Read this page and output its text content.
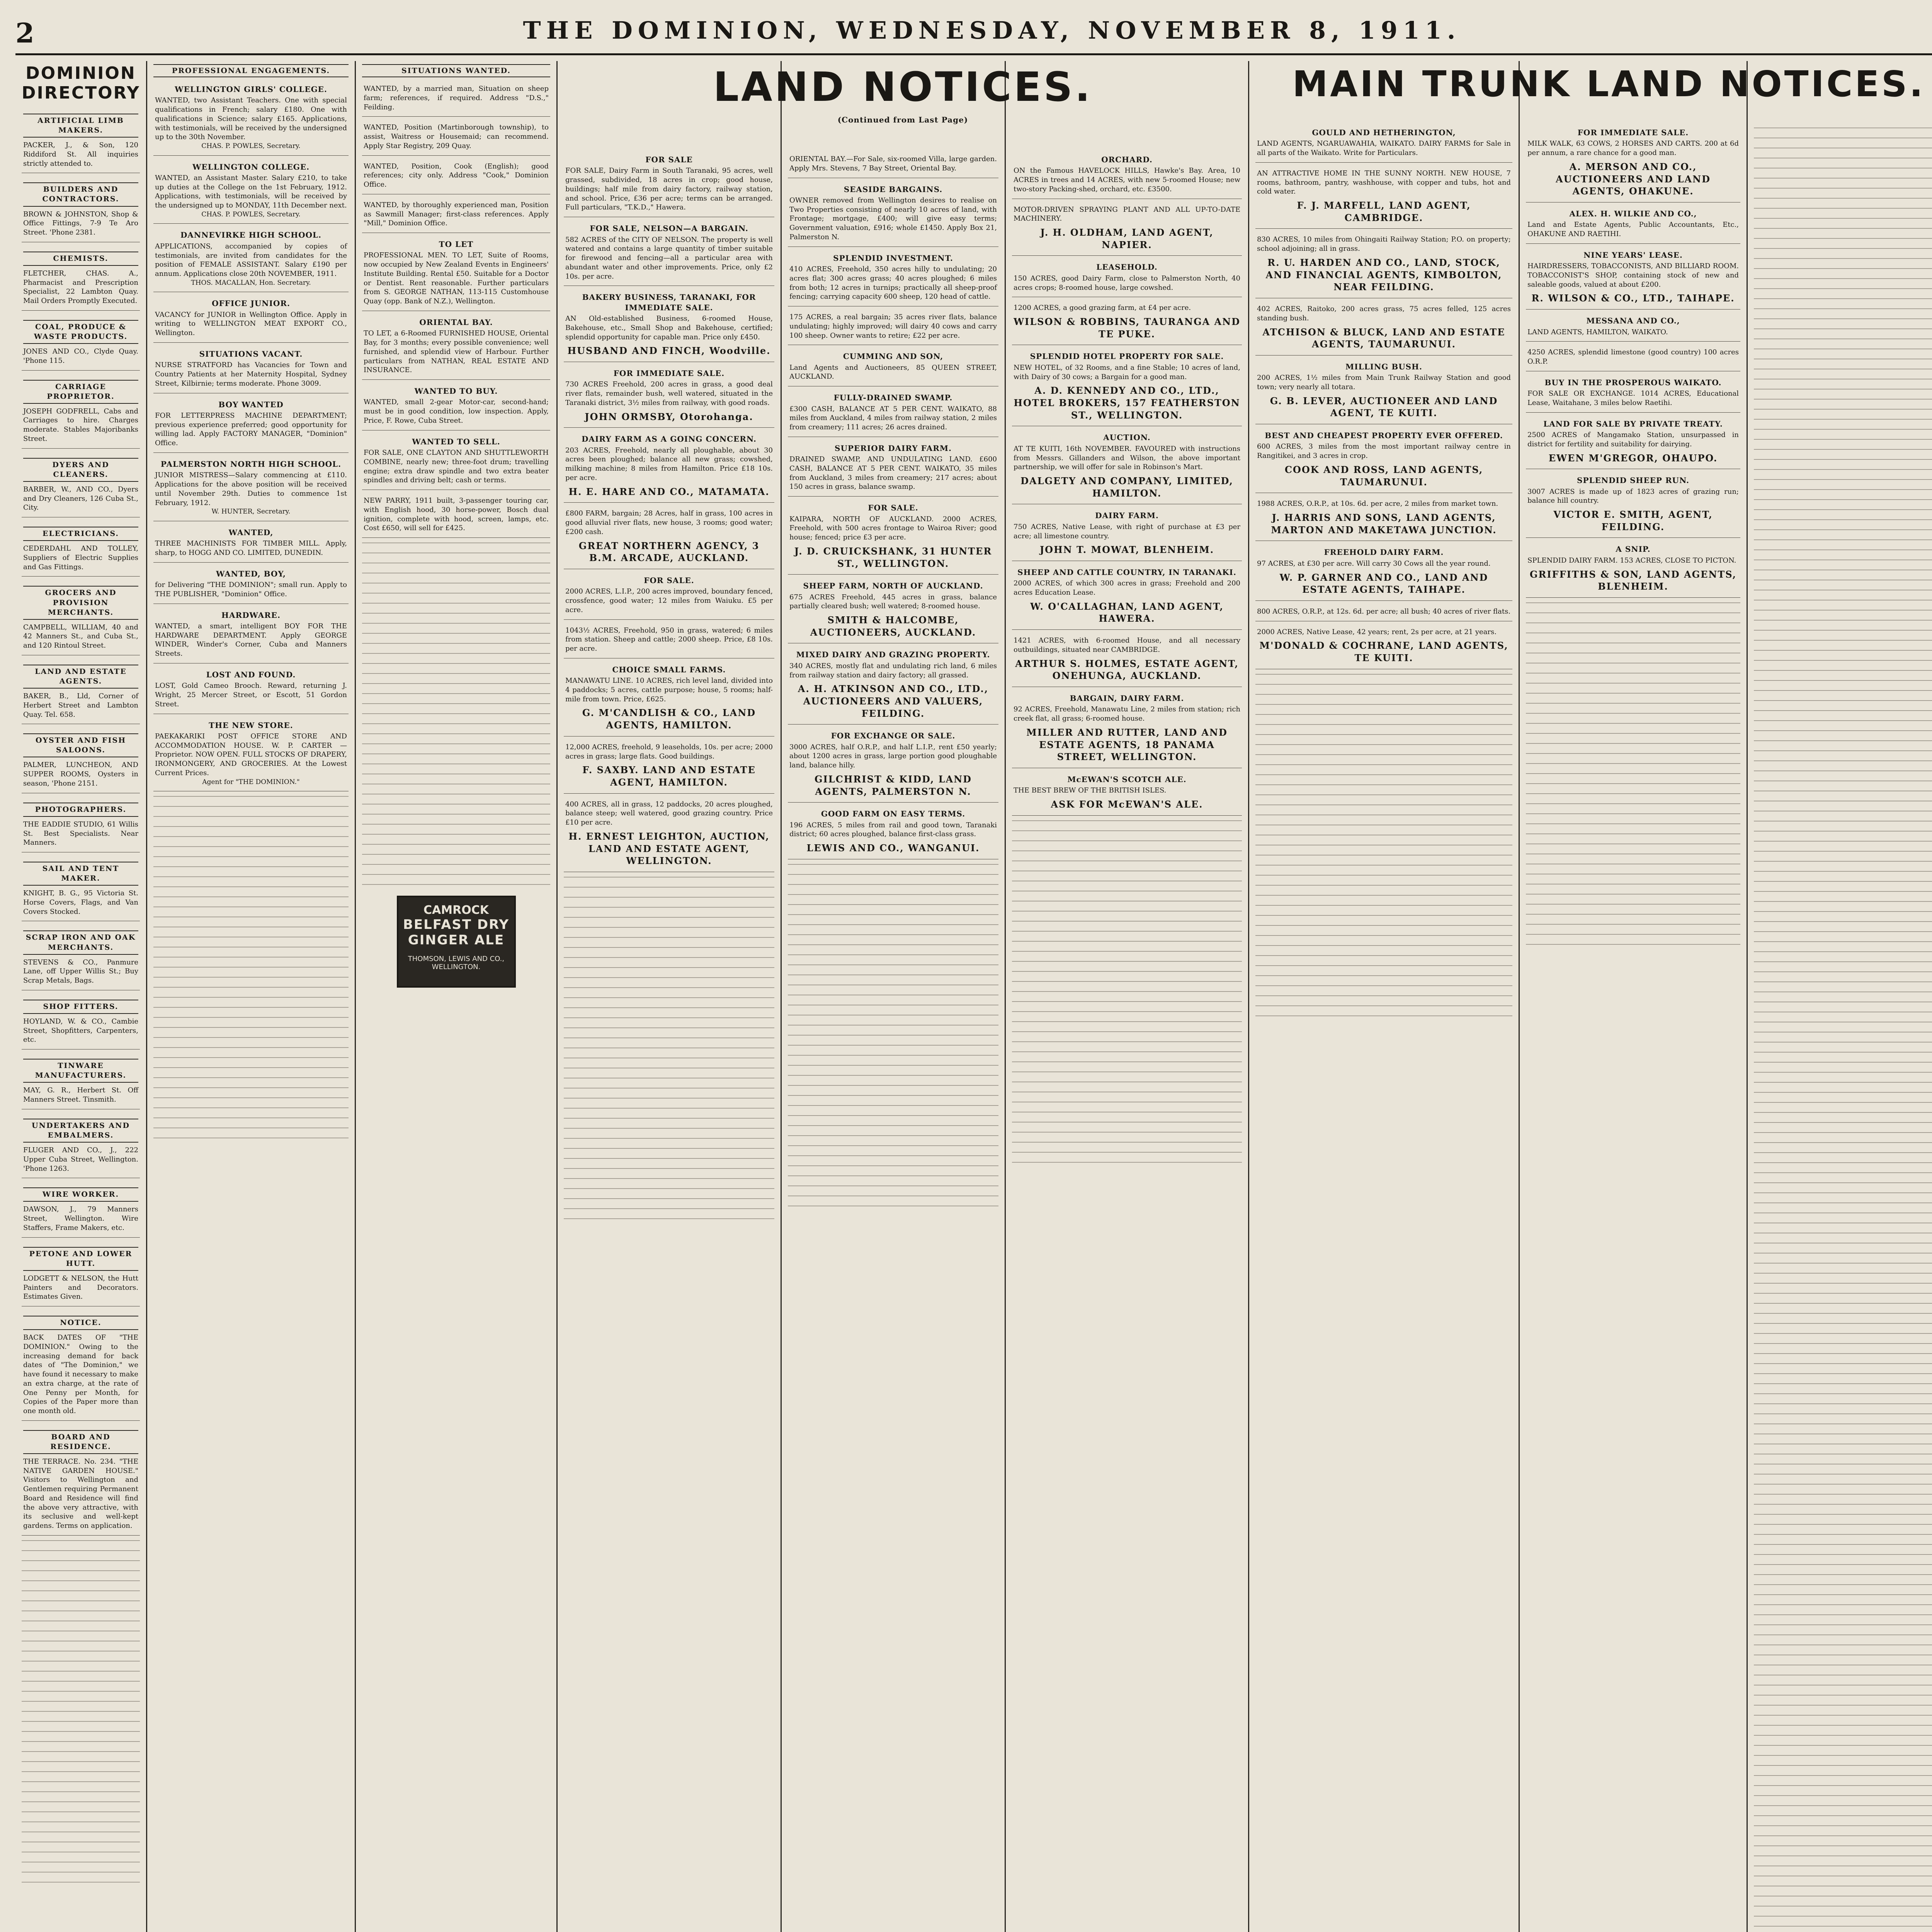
2	THE DOMINION, WEDNESDAY, NOVEMBER 8, 1911.
DOMINION DIRECTORY
ARTIFICIAL LIMB MAKERS.
PACKER, J., & Son, 120 Riddiford St. All inquiries strictly attended to.
BUILDERS AND CONTRACTORS.
BROWN & JOHNSTON, Shop & Office Fittings, 7-9 Te Aro Street. 'Phone 2381.
CHEMISTS.
FLETCHER, CHAS. A., Pharmacist and Prescription Specialist, 22 Lambton Quay. Mail Orders Promptly Executed.
COAL, PRODUCE & WASTE PRODUCTS.
JONES AND CO., Clyde Quay. 'Phone 115.
CARRIAGE PROPRIETOR.
JOSEPH GODFRELL, Cabs and Carriages to hire. Charges moderate. Stables Majoribanks Street.
DYERS AND CLEANERS.
BARBER, W., AND CO., Dyers and Dry Cleaners, 126 Cuba St., City.
ELECTRICIANS.
CEDERDAHL AND TOLLEY, Suppliers of Electric Supplies and Gas Fittings.
GROCERS AND PROVISION MERCHANTS.
CAMPBELL, WILLIAM, 40 and 42 Manners St., and Cuba St., and 120 Rintoul Street.
LAND AND ESTATE AGENTS.
BAKER, B., Lld, Corner of Herbert Street and Lambton Quay. Tel. 658.
OYSTER AND FISH SALOONS.
PALMER, LUNCHEON, AND SUPPER ROOMS, Oysters in season, 'Phone 2151.
PHOTOGRAPHERS.
THE EADDIE STUDIO, 61 Willis St. Best Specialists. Near Manners.
SAIL AND TENT MAKER.
KNIGHT, B. G., 95 Victoria St. Horse Covers, Flags, and Van Covers Stocked.
SCRAP IRON AND OAK MERCHANTS.
STEVENS & CO., Panmure Lane, off Upper Willis St.; Buy Scrap Metals, Bags.
SHOP FITTERS.
HOYLAND, W. & CO., Cambie Street, Shopfitters, Carpenters, etc.
TINWARE MANUFACTURERS.
MAY, G. R., Herbert St. Off Manners Street. Tinsmith.
UNDERTAKERS AND EMBALMERS.
FLUGER AND CO., J., 222 Upper Cuba Street, Wellington. 'Phone 1263.
WIRE WORKER.
DAWSON, J., 79 Manners Street, Wellington. Wire Staffers, Frame Makers, etc.
PETONE AND LOWER HUTT.
LODGETT & NELSON, the Hutt Painters and Decorators. Estimates Given.
NOTICE.
BACK DATES OF "THE DOMINION." Owing to the increasing demand for back dates of "The Dominion," we have found it necessary to make an extra charge, at the rate of One Penny per Month, for Copies of the Paper more than one month old.
BOARD AND RESIDENCE.
THE TERRACE. No. 234. "THE NATIVE GARDEN HOUSE." Visitors to Wellington and Gentlemen requiring Permanent Board and Residence will find the above very attractive, with its seclusive and well-kept gardens. Terms on application.
PROFESSIONAL ENGAGEMENTS.
WELLINGTON GIRLS' COLLEGE.
WANTED, two Assistant Teachers. One with special qualifications in French; salary £180. One with qualifications in Science; salary £165. Applications, with testimonials, will be received by the undersigned up to the 30th November.
CHAS. P. POWLES, Secretary.
WELLINGTON COLLEGE.
WANTED, an Assistant Master. Salary £210, to take up duties at the College on the 1st February, 1912. Applications, with testimonials, will be received by the undersigned up to MONDAY, 11th December next.
CHAS. P. POWLES, Secretary.
DANNEVIRKE HIGH SCHOOL.
APPLICATIONS, accompanied by copies of testimonials, are invited from candidates for the position of FEMALE ASSISTANT. Salary £190 per annum. Applications close 20th NOVEMBER, 1911.
THOS. MACALLAN, Hon. Secretary.
OFFICE JUNIOR.
VACANCY for JUNIOR in Wellington Office. Apply in writing to WELLINGTON MEAT EXPORT CO., Wellington.
SITUATIONS VACANT.
NURSE STRATFORD has Vacancies for Town and Country Patients at her Maternity Hospital, Sydney Street, Kilbirnie; terms moderate. Phone 3009.
BOY WANTED
FOR LETTERPRESS MACHINE DEPARTMENT; previous experience preferred; good opportunity for willing lad. Apply FACTORY MANAGER, "Dominion" Office.
PALMERSTON NORTH HIGH SCHOOL.
JUNIOR MISTRESS—Salary commencing at £110. Applications for the above position will be received until November 29th. Duties to commence 1st February, 1912.
W. HUNTER, Secretary.
WANTED,
THREE MACHINISTS FOR TIMBER MILL. Apply, sharp, to HOGG AND CO. LIMITED, DUNEDIN.
WANTED, BOY,
for Delivering "THE DOMINION"; small run. Apply to THE PUBLISHER, "Dominion" Office.
HARDWARE.
WANTED, a smart, intelligent BOY FOR THE HARDWARE DEPARTMENT. Apply GEORGE WINDER, Winder's Corner, Cuba and Manners Streets.
LOST AND FOUND.
LOST, Gold Cameo Brooch. Reward, returning J. Wright, 25 Mercer Street, or Escott, 51 Gordon Street.
THE NEW STORE.
PAEKAKARIKI POST OFFICE STORE AND ACCOMMODATION HOUSE. W. P. CARTER — Proprietor. NOW OPEN. FULL STOCKS OF DRAPERY, IRONMONGERY, AND GROCERIES. At the Lowest Current Prices.
Agent for "THE DOMINION."
SITUATIONS WANTED.
WANTED, by a married man, Situation on sheep farm; references, if required. Address "D.S.," Feilding.
WANTED, Position (Martinborough township), to assist, Waitress or Housemaid; can recommend. Apply Star Registry, 209 Quay.
WANTED, Position, Cook (English); good references; city only. Address "Cook," Dominion Office.
WANTED, by thoroughly experienced man, Position as Sawmill Manager; first-class references. Apply "Mill," Dominion Office.
TO LET
PROFESSIONAL MEN. TO LET, Suite of Rooms, now occupied by New Zealand Events in Engineers' Institute Building. Rental £50. Suitable for a Doctor or Dentist. Rent reasonable. Further particulars from S. GEORGE NATHAN, 113-115 Customhouse Quay (opp. Bank of N.Z.), Wellington.
ORIENTAL BAY.
TO LET, a 6-Roomed FURNISHED HOUSE, Oriental Bay, for 3 months; every possible convenience; well furnished, and splendid view of Harbour. Further particulars from NATHAN, REAL ESTATE AND INSURANCE.
WANTED TO BUY.
WANTED, small 2-gear Motor-car, second-hand; must be in good condition, low inspection. Apply, Price, F. Rowe, Cuba Street.
WANTED TO SELL.
FOR SALE, ONE CLAYTON AND SHUTTLEWORTH COMBINE, nearly new; three-foot drum; travelling engine; extra draw spindle and two extra beater spindles and driving belt; cash or terms.
NEW PARRY, 1911 built, 3-passenger touring car, with English hood, 30 horse-power, Bosch dual ignition, complete with hood, screen, lamps, etc. Cost £650, will sell for £425.
CAMROCK
BELFAST DRY GINGER ALE
THOMSON, LEWIS AND CO., WELLINGTON.
LAND NOTICES.
(Continued from Last Page)
FOR SALE
FOR SALE, Dairy Farm in South Taranaki, 95 acres, well grassed, subdivided, 18 acres in crop; good house, buildings; half mile from dairy factory, railway station, and school. Price, £36 per acre; terms can be arranged. Full particulars, "T.K.D.," Hawera.
FOR SALE, NELSON—A BARGAIN.
582 ACRES of the CITY OF NELSON. The property is well watered and contains a large quantity of timber suitable for firewood and fencing—all a particular area with abundant water and other improvements. Price, only £2 10s. per acre.
BAKERY BUSINESS, TARANAKI, FOR IMMEDIATE SALE.
AN Old-established Business, 6-roomed House, Bakehouse, etc., Small Shop and Bakehouse, certified; splendid opportunity for capable man. Price only £450.
HUSBAND AND FINCH, Woodville.
FOR IMMEDIATE SALE.
730 ACRES Freehold, 200 acres in grass, a good deal river flats, remainder bush, well watered, situated in the Taranaki district, 3½ miles from railway, with good roads.
JOHN ORMSBY, Otorohanga.
DAIRY FARM AS A GOING CONCERN.
203 ACRES, Freehold, nearly all ploughable, about 30 acres been ploughed; balance all new grass; cowshed, milking machine; 8 miles from Hamilton. Price £18 10s. per acre.
H. E. HARE AND CO., MATAMATA.
£800 FARM, bargain; 28 Acres, half in grass, 100 acres in good alluvial river flats, new house, 3 rooms; good water; £200 cash.
GREAT NORTHERN AGENCY, 3 B.M. ARCADE, AUCKLAND.
FOR SALE.
2000 ACRES, L.I.P., 200 acres improved, boundary fenced, crossfence, good water; 12 miles from Waiuku. £5 per acre.
1043½ ACRES, Freehold, 950 in grass, watered; 6 miles from station. Sheep and cattle; 2000 sheep. Price, £8 10s. per acre.
CHOICE SMALL FARMS.
MANAWATU LINE. 10 ACRES, rich level land, divided into 4 paddocks; 5 acres, cattle purpose; house, 5 rooms; half-mile from town. Price, £625.
G. M'CANDLISH & CO., LAND AGENTS, HAMILTON.
12,000 ACRES, freehold, 9 leaseholds, 10s. per acre; 2000 acres in grass; large flats. Good buildings.
F. SAXBY. LAND AND ESTATE AGENT, HAMILTON.
400 ACRES, all in grass, 12 paddocks, 20 acres ploughed, balance steep; well watered, good grazing country. Price £10 per acre.
H. ERNEST LEIGHTON, AUCTION, LAND AND ESTATE AGENT, WELLINGTON.
ORIENTAL BAY.—For Sale, six-roomed Villa, large garden. Apply Mrs. Stevens, 7 Bay Street, Oriental Bay.
SEASIDE BARGAINS.
OWNER removed from Wellington desires to realise on Two Properties consisting of nearly 10 acres of land, with Frontage; mortgage, £400; will give easy terms; Government valuation, £916; whole £1450. Apply Box 21, Palmerston N.
SPLENDID INVESTMENT.
410 ACRES, Freehold, 350 acres hilly to undulating; 20 acres flat; 300 acres grass; 40 acres ploughed; 6 miles from both; 12 acres in turnips; practically all sheep-proof fencing; carrying capacity 600 sheep, 120 head of cattle.
175 ACRES, a real bargain; 35 acres river flats, balance undulating; highly improved; will dairy 40 cows and carry 100 sheep. Owner wants to retire; £22 per acre.
CUMMING AND SON,
Land Agents and Auctioneers, 85 QUEEN STREET, AUCKLAND.
FULLY-DRAINED SWAMP.
£300 CASH, BALANCE AT 5 PER CENT. WAIKATO, 88 miles from Auckland, 4 miles from railway station, 2 miles from creamery; 111 acres; 26 acres drained.
SUPERIOR DAIRY FARM.
DRAINED SWAMP, AND UNDULATING LAND. £600 CASH, BALANCE AT 5 PER CENT. WAIKATO, 35 miles from Auckland, 3 miles from creamery; 217 acres; about 150 acres in grass, balance swamp.
FOR SALE.
KAIPARA, NORTH OF AUCKLAND. 2000 ACRES, Freehold, with 500 acres frontage to Wairoa River; good house; fenced; price £3 per acre.
J. D. CRUICKSHANK, 31 HUNTER ST., WELLINGTON.
SHEEP FARM, NORTH OF AUCKLAND.
675 ACRES Freehold, 445 acres in grass, balance partially cleared bush; well watered; 8-roomed house.
SMITH & HALCOMBE, AUCTIONEERS, AUCKLAND.
MIXED DAIRY AND GRAZING PROPERTY.
340 ACRES, mostly flat and undulating rich land, 6 miles from railway station and dairy factory; all grassed.
A. H. ATKINSON AND CO., LTD., AUCTIONEERS AND VALUERS, FEILDING.
FOR EXCHANGE OR SALE.
3000 ACRES, half O.R.P., and half L.I.P., rent £50 yearly; about 1200 acres in grass, large portion good ploughable land, balance hilly.
GILCHRIST & KIDD, LAND AGENTS, PALMERSTON N.
GOOD FARM ON EASY TERMS.
196 ACRES, 5 miles from rail and good town, Taranaki district; 60 acres ploughed, balance first-class grass.
LEWIS AND CO., WANGANUI.
ORCHARD.
ON the Famous HAVELOCK HILLS, Hawke's Bay. Area, 10 ACRES in trees and 14 ACRES, with new 5-roomed House; new two-story Packing-shed, orchard, etc. £3500.
MOTOR-DRIVEN SPRAYING PLANT AND ALL UP-TO-DATE MACHINERY.
J. H. OLDHAM, LAND AGENT, NAPIER.
LEASEHOLD.
150 ACRES, good Dairy Farm, close to Palmerston North, 40 acres crops; 8-roomed house, large cowshed.
1200 ACRES, a good grazing farm, at £4 per acre.
WILSON & ROBBINS, TAURANGA AND TE PUKE.
SPLENDID HOTEL PROPERTY FOR SALE.
NEW HOTEL, of 32 Rooms, and a fine Stable; 10 acres of land, with Dairy of 30 cows; a Bargain for a good man.
A. D. KENNEDY AND CO., LTD., HOTEL BROKERS, 157 FEATHERSTON ST., WELLINGTON.
AUCTION.
AT TE KUITI, 16th NOVEMBER. FAVOURED with instructions from Messrs. Gillanders and Wilson, the above important partnership, we will offer for sale in Robinson's Mart.
DALGETY AND COMPANY, LIMITED, HAMILTON.
DAIRY FARM.
750 ACRES, Native Lease, with right of purchase at £3 per acre; all limestone country.
JOHN T. MOWAT, BLENHEIM.
SHEEP AND CATTLE COUNTRY, IN TARANAKI.
2000 ACRES, of which 300 acres in grass; Freehold and 200 acres Education Lease.
W. O'CALLAGHAN, LAND AGENT, HAWERA.
1421 ACRES, with 6-roomed House, and all necessary outbuildings, situated near CAMBRIDGE.
ARTHUR S. HOLMES, ESTATE AGENT, ONEHUNGA, AUCKLAND.
BARGAIN, DAIRY FARM.
92 ACRES, Freehold, Manawatu Line, 2 miles from station; rich creek flat, all grass; 6-roomed house.
MILLER AND RUTTER, LAND AND ESTATE AGENTS, 18 PANAMA STREET, WELLINGTON.
McEWAN'S SCOTCH ALE.
THE BEST BREW OF THE BRITISH ISLES.
ASK FOR McEWAN'S ALE.
MAIN TRUNK LAND NOTICES.
GOULD AND HETHERINGTON,
LAND AGENTS, NGARUAWAHIA, WAIKATO. DAIRY FARMS for Sale in all parts of the Waikato. Write for Particulars.
AN ATTRACTIVE HOME IN THE SUNNY NORTH. NEW HOUSE, 7 rooms, bathroom, pantry, washhouse, with copper and tubs, hot and cold water.
F. J. MARFELL, LAND AGENT, CAMBRIDGE.
830 ACRES, 10 miles from Ohingaiti Railway Station; P.O. on property; school adjoining; all in grass.
R. U. HARDEN AND CO., LAND, STOCK, AND FINANCIAL AGENTS, KIMBOLTON, NEAR FEILDING.
402 ACRES, Raitoko, 200 acres grass, 75 acres felled, 125 acres standing bush.
ATCHISON & BLUCK, LAND AND ESTATE AGENTS, TAUMARUNUI.
MILLING BUSH.
200 ACRES, 1½ miles from Main Trunk Railway Station and good town; very nearly all totara.
G. B. LEVER, AUCTIONEER AND LAND AGENT, TE KUITI.
BEST AND CHEAPEST PROPERTY EVER OFFERED.
600 ACRES, 3 miles from the most important railway centre in Rangitikei, and 3 acres in crop.
COOK AND ROSS, LAND AGENTS, TAUMARUNUI.
1988 ACRES, O.R.P., at 10s. 6d. per acre, 2 miles from market town.
J. HARRIS AND SONS, LAND AGENTS, MARTON AND MAKETAWA JUNCTION.
FREEHOLD DAIRY FARM.
97 ACRES, at £30 per acre. Will carry 30 Cows all the year round.
W. P. GARNER AND CO., LAND AND ESTATE AGENTS, TAIHAPE.
800 ACRES, O.R.P., at 12s. 6d. per acre; all bush; 40 acres of river flats.
2000 ACRES, Native Lease, 42 years; rent, 2s per acre, at 21 years.
M'DONALD & COCHRANE, LAND AGENTS, TE KUITI.
FOR IMMEDIATE SALE.
MILK WALK, 63 COWS, 2 HORSES AND CARTS. 200 at 6d per annum, a rare chance for a good man.
A. MERSON AND CO., AUCTIONEERS AND LAND AGENTS, OHAKUNE.
ALEX. H. WILKIE AND CO.,
Land and Estate Agents, Public Accountants, Etc., OHAKUNE AND RAETIHI.
NINE YEARS' LEASE.
HAIRDRESSERS, TOBACCONISTS, AND BILLIARD ROOM. TOBACCONIST'S SHOP, containing stock of new and saleable goods, valued at about £200.
R. WILSON & CO., LTD., TAIHAPE.
MESSANA AND CO.,
LAND AGENTS, HAMILTON, WAIKATO.
4250 ACRES, splendid limestone (good country) 100 acres O.R.P.
BUY IN THE PROSPEROUS WAIKATO.
FOR SALE OR EXCHANGE. 1014 ACRES, Educational Lease, Waitahane, 3 miles below Raetihi.
LAND FOR SALE BY PRIVATE TREATY.
2500 ACRES of Mangamako Station, unsurpassed in district for fertility and suitability for dairying.
EWEN M'GREGOR, OHAUPO.
SPLENDID SHEEP RUN.
3007 ACRES is made up of 1823 acres of grazing run; balance hill country.
VICTOR E. SMITH, AGENT, FEILDING.
A SNIP.
SPLENDID DAIRY FARM. 153 ACRES, CLOSE TO PICTON.
GRIFFITHS & SON, LAND AGENTS, BLENHEIM.
